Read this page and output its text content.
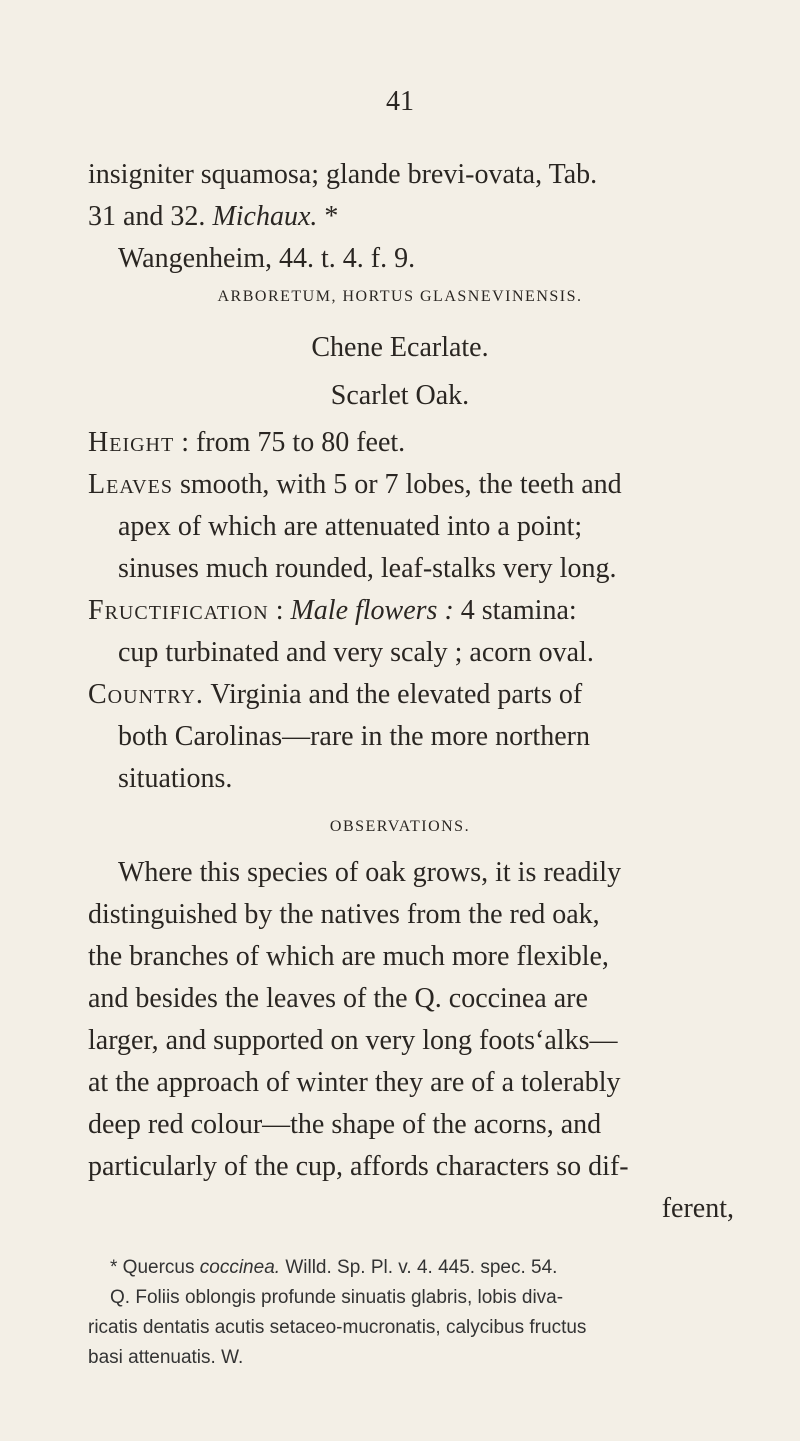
41
insigniter squamosa; glande brevi-ovata, Tab.
31 and 32. Michaux. *
Wangenheim, 44. t. 4. f. 9.
ARBORETUM, HORTUS GLASNEVINENSIS.
Chene Ecarlate.
Scarlet Oak.
Height : from 75 to 80 feet.
Leaves smooth, with 5 or 7 lobes, the teeth and
apex of which are attenuated into a point;
sinuses much rounded, leaf-stalks very long.
Fructification : Male flowers : 4 stamina:
cup turbinated and very scaly ; acorn oval.
Country. Virginia and the elevated parts of
both Carolinas—rare in the more northern
situations.
OBSERVATIONS.
Where this species of oak grows, it is readily
distinguished by the natives from the red oak,
the branches of which are much more flexible,
and besides the leaves of the Q. coccinea are
larger, and supported on very long foots‘alks—
at the approach of winter they are of a tolerably
deep red colour—the shape of the acorns, and
particularly of the cup, affords characters so dif-
ferent,
* Quercus coccinea. Willd. Sp. Pl. v. 4. 445. spec. 54.
Q. Foliis oblongis profunde sinuatis glabris, lobis diva-
ricatis dentatis acutis setaceo-mucronatis, calycibus fructus
basi attenuatis. W.
